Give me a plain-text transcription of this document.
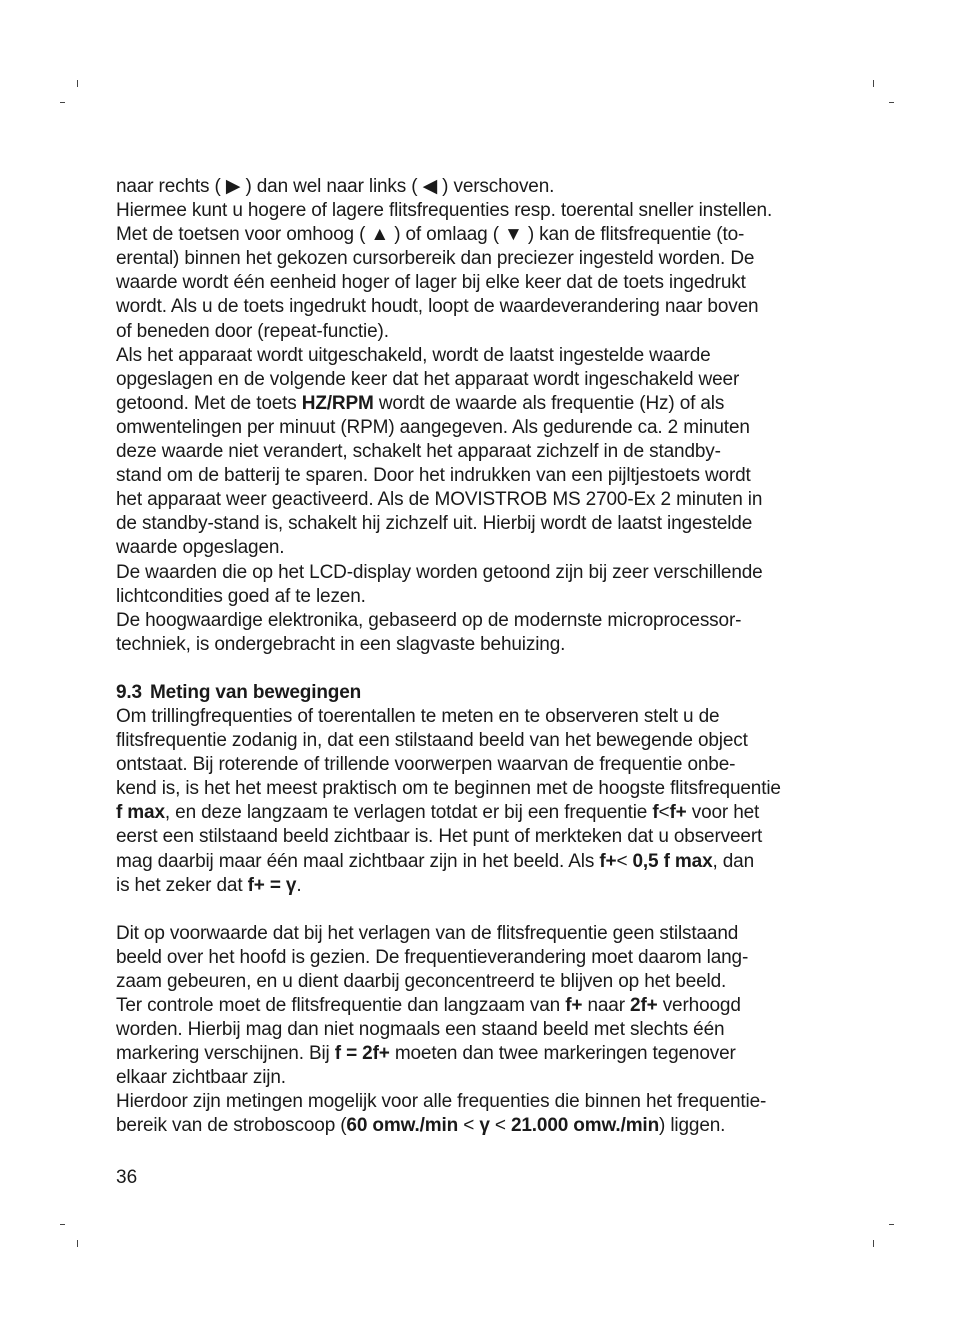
naar rechts ( ▶ ) dan wel naar links ( ◀ ) verschoven.

Hiermee kunt u hogere of lagere flitsfrequenties resp. toerental sneller instellen.

Met de toetsen voor omhoog ( ▲ ) of omlaag ( ▼ ) kan de flitsfrequentie (to-
erental) binnen het gekozen cursorbereik dan preciezer ingesteld worden. De
waarde wordt één eenheid hoger of lager bij elke keer dat de toets ingedrukt
wordt. Als u de toets ingedrukt houdt, loopt de waardeverandering naar boven
of beneden door (repeat-functie).

Als het apparaat wordt uitgeschakeld, wordt de laatst ingestelde waarde
opgeslagen en de volgende keer dat het apparaat wordt ingeschakeld weer
getoond. Met de toets HZ/RPM wordt de waarde als frequentie (Hz) of als
omwentelingen per minuut (RPM) aangegeven. Als gedurende ca. 2 minuten
deze waarde niet verandert, schakelt het apparaat zichzelf in de standby-
stand om de batterij te sparen. Door het indrukken van een pijltjestoets wordt
het apparaat weer geactiveerd. Als de MOVISTROB MS 2700-Ex 2 minuten in
de standby-stand is, schakelt hij zichzelf uit. Hierbij wordt de laatst ingestelde
waarde opgeslagen.

De waarden die op het LCD-display worden getoond zijn bij zeer verschillende
lichtcondities goed af te lezen.

De hoogwaardige elektronika, gebaseerd op de modernste microprocessor-
techniek, is ondergebracht in een slagvaste behuizing.

9.3 Meting van bewegingen

Om trillingfrequenties of toerentallen te meten en te observeren stelt u de
flitsfrequentie zodanig in, dat een stilstaand beeld van het bewegende object
ontstaat. Bij roterende of trillende voorwerpen waarvan de frequentie onbe-
kend is, is het het meest praktisch om te beginnen met de hoogste flitsfrequentie
f max, en deze langzaam te verlagen totdat er bij een frequentie f<f+ voor het
eerst een stilstaand beeld zichtbaar is. Het punt of merkteken dat u observeert
mag daarbij maar één maal zichtbaar zijn in het beeld. Als f+< 0,5 f max, dan
is het zeker dat f+ = γ.

Dit op voorwaarde dat bij het verlagen van de flitsfrequentie geen stilstaand
beeld over het hoofd is gezien. De frequentieverandering moet daarom lang-
zaam gebeuren, en u dient daarbij geconcentreerd te blijven op het beeld.
Ter controle moet de flitsfrequentie dan langzaam van f+ naar 2f+ verhoogd
worden. Hierbij mag dan niet nogmaals een staand beeld met slechts één
markering verschijnen. Bij f = 2f+ moeten dan twee markeringen tegenover
elkaar zichtbaar zijn.

Hierdoor zijn metingen mogelijk voor alle frequenties die binnen het frequentie-
bereik van de stroboscoop (60 omw./min < γ < 21.000 omw./min) liggen.

36
